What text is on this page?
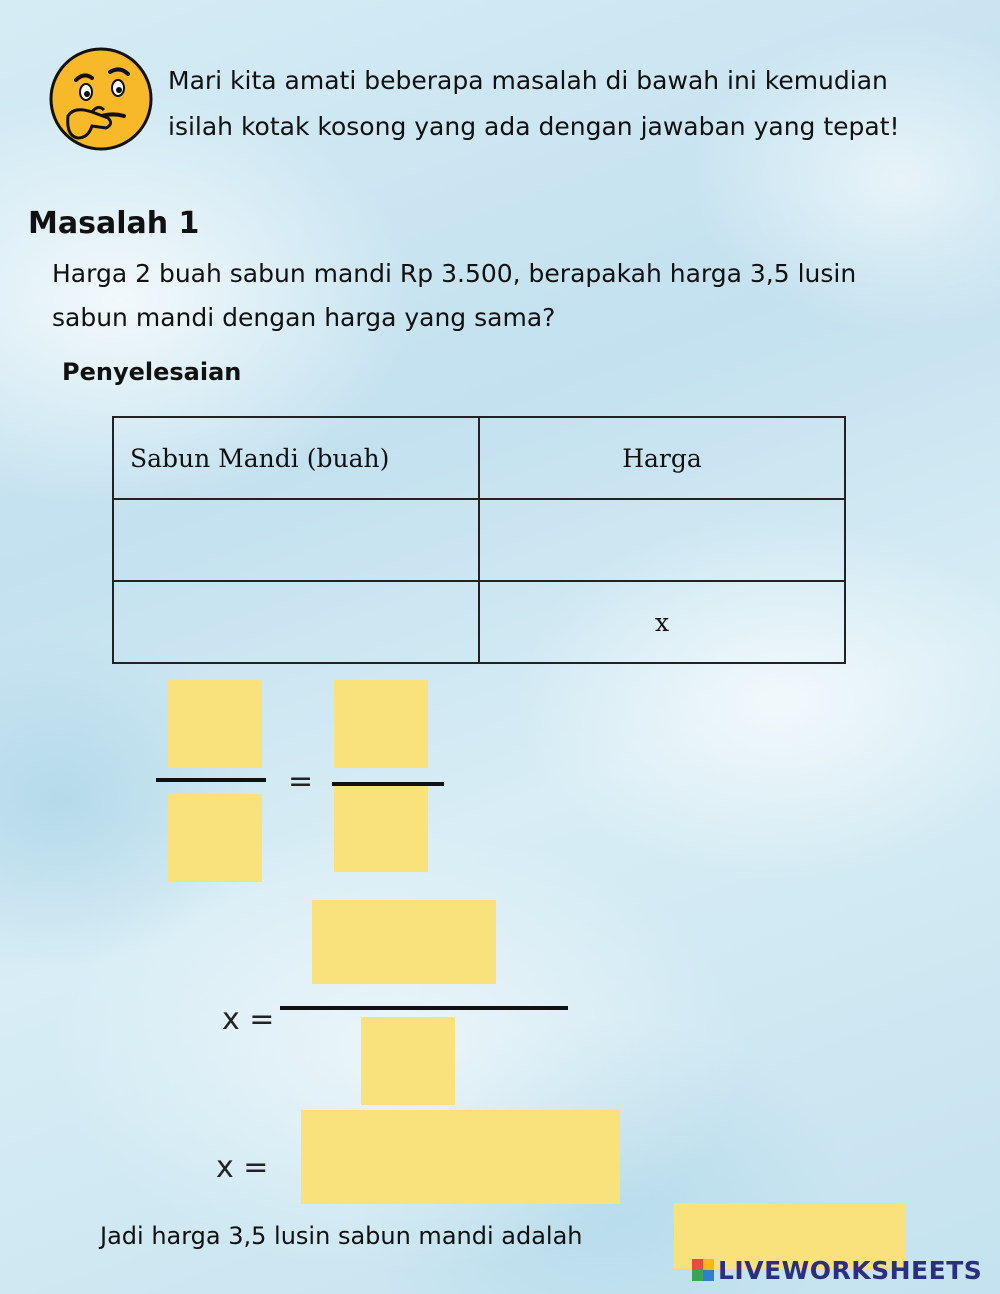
Mari kita amati beberapa masalah di bawah ini kemudian
isilah kotak kosong yang ada dengan jawaban yang tepat!
Masalah 1
Harga 2 buah sabun mandi Rp 3.500, berapakah harga 3,5 lusin
sabun mandi dengan harga yang sama?
Penyelesaian
Sabun Mandi (buah)	Harga

	x
=
x =
x =
Jadi harga 3,5 lusin sabun mandi adalah
LIVEWORKSHEETS
